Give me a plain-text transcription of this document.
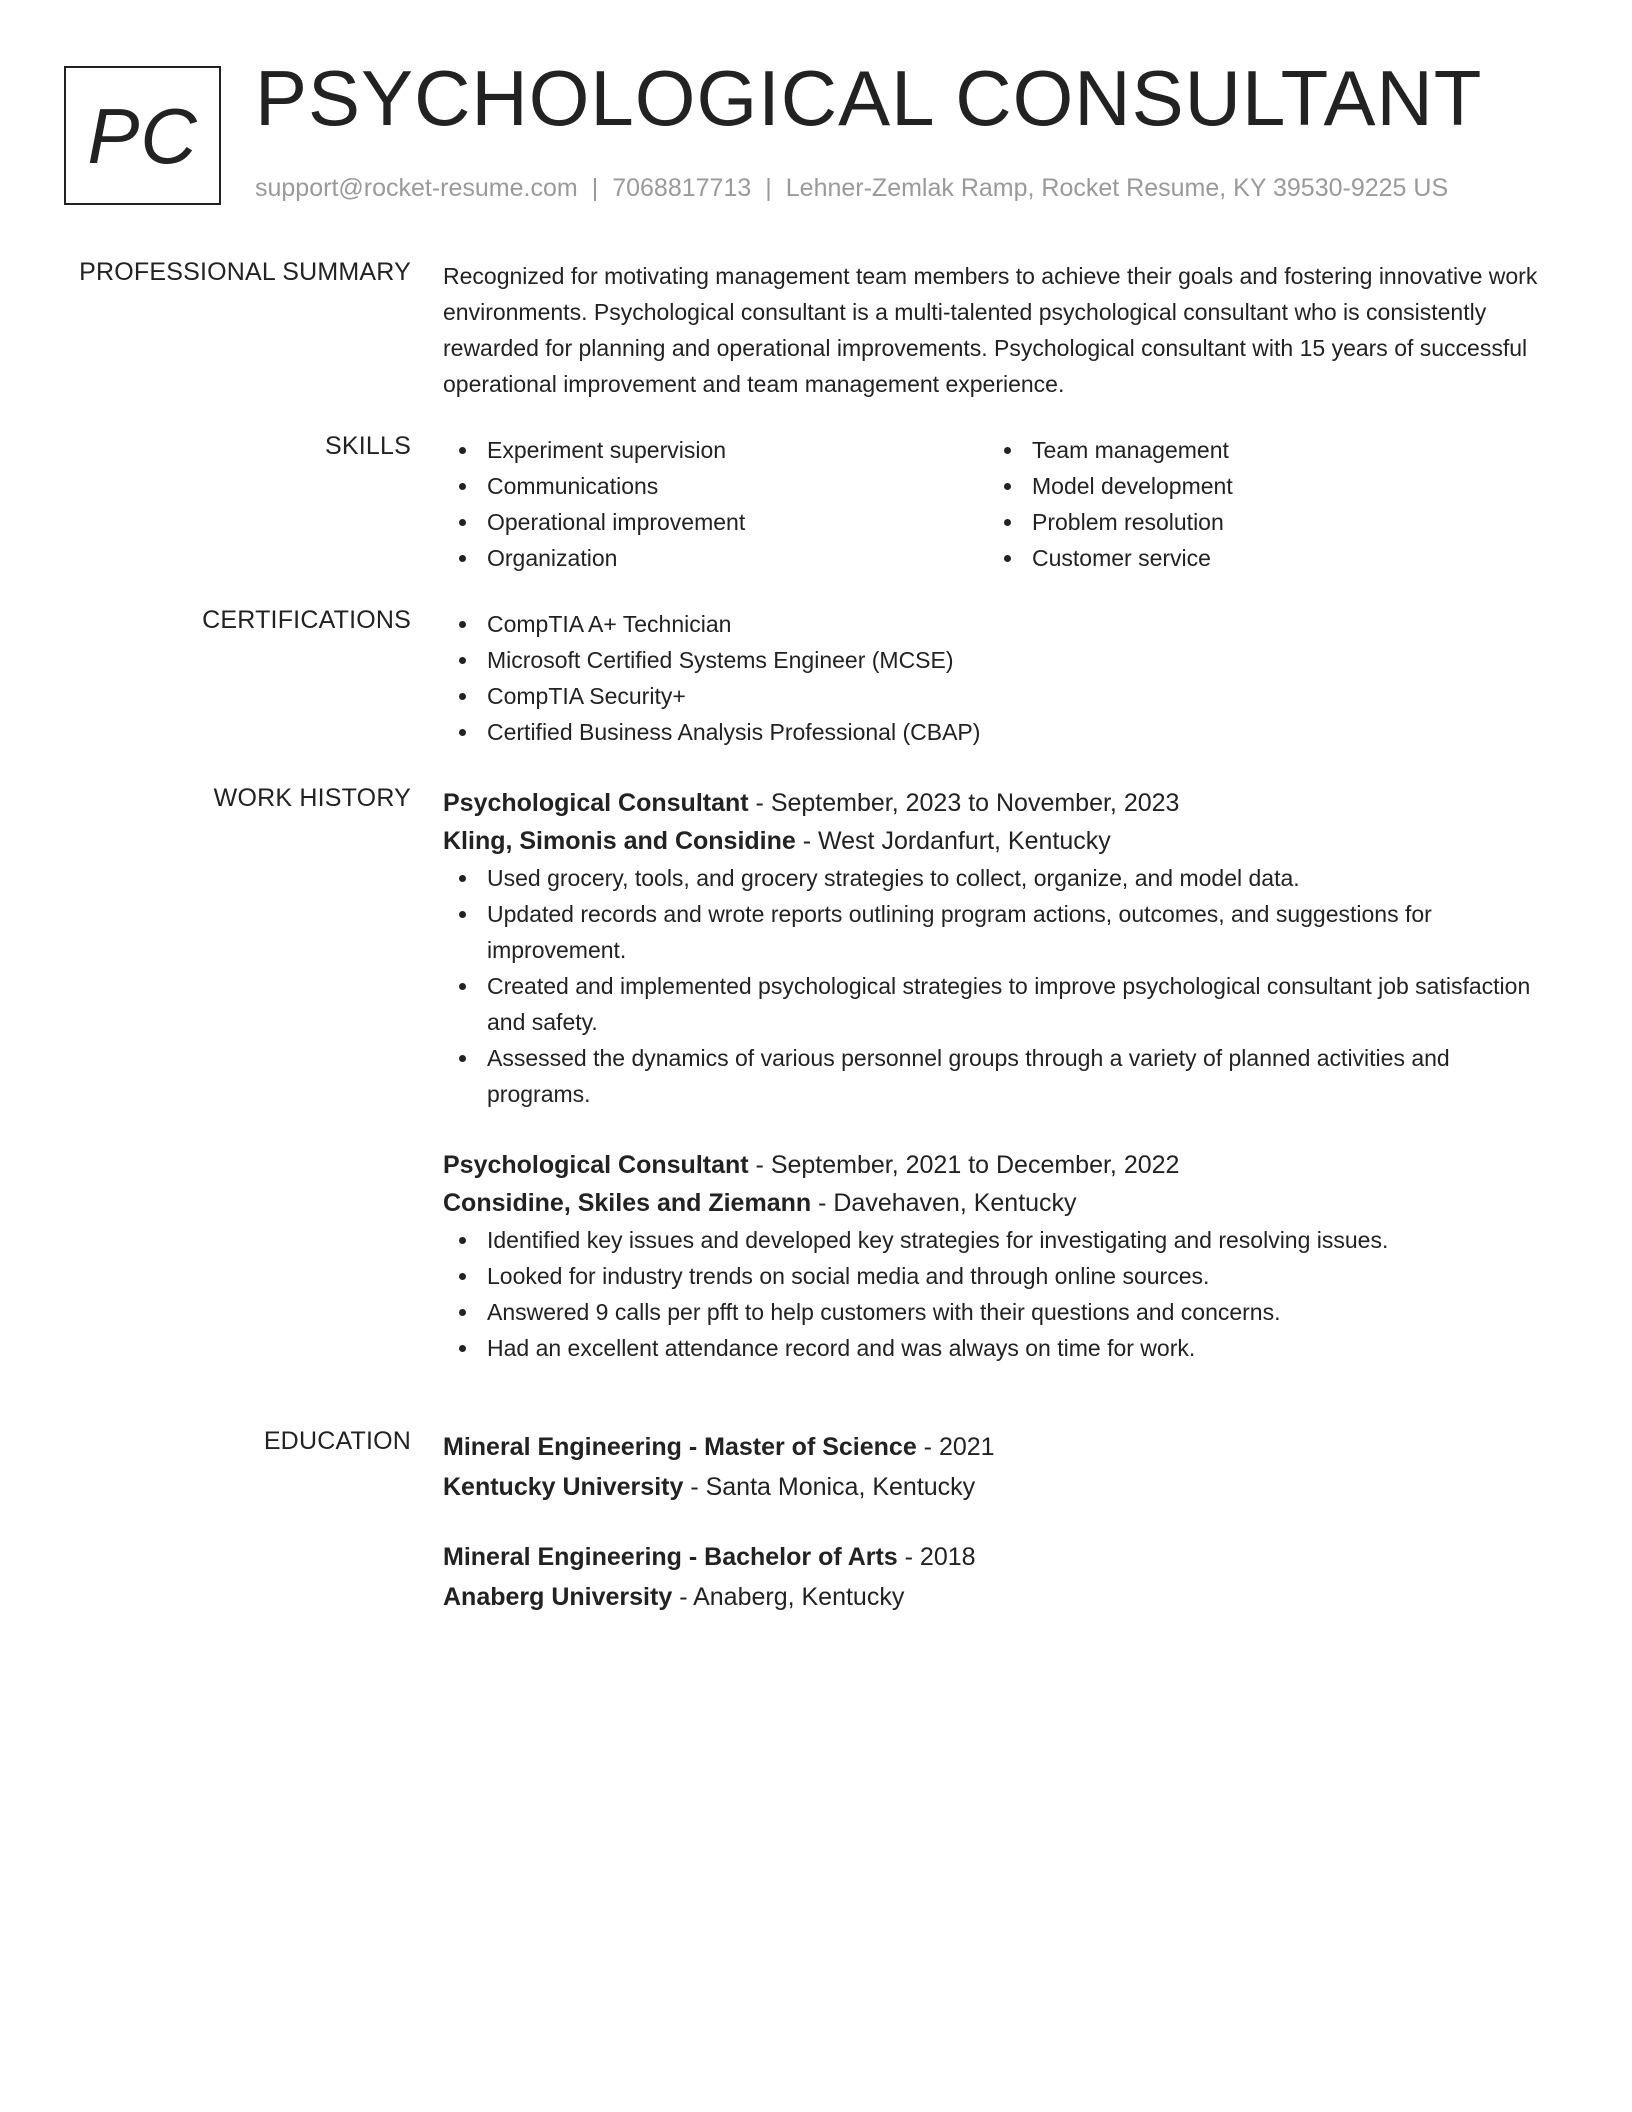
PC PSYCHOLOGICAL CONSULTANT
support@rocket-resume.com | 7068817713 | Lehner-Zemlak Ramp, Rocket Resume, KY 39530-9225 US
PROFESSIONAL SUMMARY Recognized for motivating management team members to achieve their goals and fostering innovative work environments. Psychological consultant is a multi-talented psychological consultant who is consistently rewarded for planning and operational improvements. Psychological consultant with 15 years of successful operational improvement and team management experience.

SKILLS	Experiment supervision
Communications
Operational improvement
Organization
Team management
Model development
Problem resolution
Customer service
CERTIFICATIONS	CompTIA A+ Technician
Microsoft Certified Systems Engineer (MCSE)
CompTIA Security+
Certified Business Analysis Professional (CBAP)
WORK HISTORY Psychological Consultant - September, 2023 to November, 2023
Kling, Simonis and Considine - West Jordanfurt, Kentucky
Used grocery, tools, and grocery strategies to collect, organize, and model data.
Updated records and wrote reports outlining program actions, outcomes, and suggestions for improvement.
Created and implemented psychological strategies to improve psychological consultant job satisfaction and safety.
Assessed the dynamics of various personnel groups through a variety of planned activities and programs.
Psychological Consultant - September, 2021 to December, 2022
Considine, Skiles and Ziemann - Davehaven, Kentucky
Identified key issues and developed key strategies for investigating and resolving issues.
Looked for industry trends on social media and through online sources.
Answered 9 calls per pfft to help customers with their questions and concerns.
Had an excellent attendance record and was always on time for work.
EDUCATION Mineral Engineering - Master of Science - 2021
Kentucky University - Santa Monica, Kentucky
Mineral Engineering - Bachelor of Arts - 2018
Anaberg University - Anaberg, Kentucky
